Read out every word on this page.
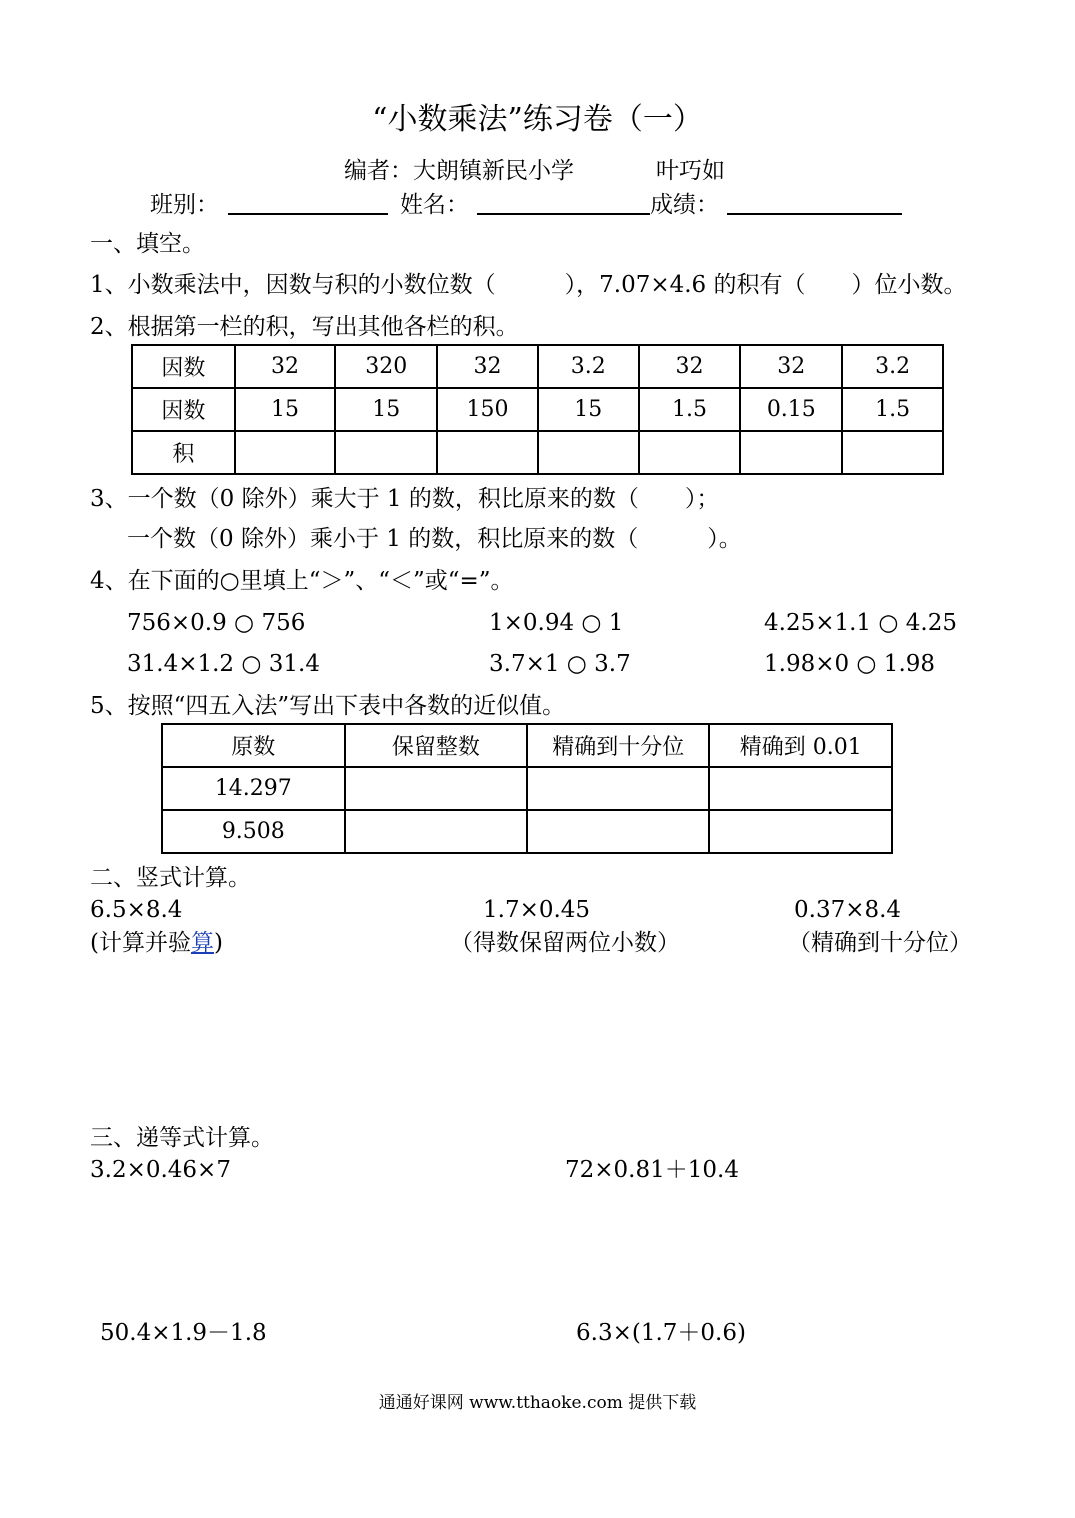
“小数乘法”练习卷（一）
编者：大朗镇新民小学	叶巧如
班别：	姓名：	成绩：
一、填空。
1、小数乘法中，因数与积的小数位数（　　　），7.07×4.6 的积有（　　）位小数。
2、根据第一栏的积，写出其他各栏的积。
因数	32	320	32	3.2	32	32	3.2
因数	15	15	150	15	1.5	0.15	1.5
积							
3、一个数（0 除外）乘大于 1 的数，积比原来的数（　　）；
一个数（0 除外）乘小于 1 的数，积比原来的数（　　　）。
4、在下面的○里填上“＞”、“＜”或“=”。
756×0.9 ○ 756	1×0.94 ○ 1	4.25×1.1 ○ 4.25
31.4×1.2 ○ 31.4	3.7×1 ○ 3.7	1.98×0 ○ 1.98
5、按照“四五入法”写出下表中各数的近似值。
原数	保留整数	精确到十分位	精确到 0.01
14.297			
9.508			
二、竖式计算。
6.5×8.4	1.7×0.45	0.37×8.4
(计算并验算)	（得数保留两位小数）	（精确到十分位）
三、递等式计算。
3.2×0.46×7	72×0.81＋10.4
50.4×1.9－1.8	6.3×(1.7＋0.6)
通通好课网 www.tthaoke.com 提供下载
